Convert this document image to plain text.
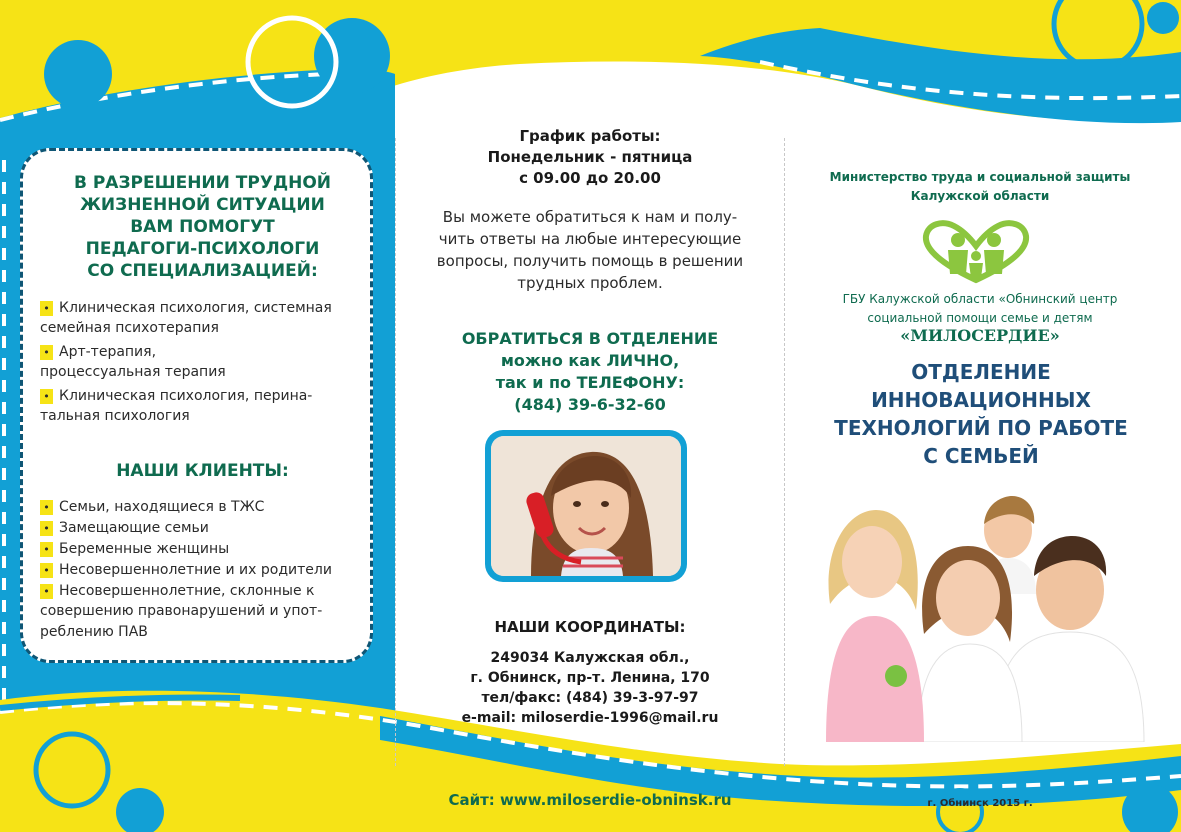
В РАЗРЕШЕНИИ ТРУДНОЙ
ЖИЗНЕННОЙ СИТУАЦИИ
ВАМ ПОМОГУТ
ПЕДАГОГИ-ПСИХОЛОГИ
СО СПЕЦИАЛИЗАЦИЕЙ:
• Клиническая психология, системная
семейная психотерапия
• Арт-терапия,
процессуальная терапия
• Клиническая психология, перина-
тальная психология
НАШИ КЛИЕНТЫ:
• Семьи, находящиеся в ТЖС
• Замещающие семьи
• Беременные женщины
• Несовершеннолетние и их родители
• Несовершеннолетние, склонные к
совершению правонарушений и упот-
реблению ПАВ
График работы:
Понедельник - пятница
с 09.00 до 20.00
Вы можете обратиться к нам и полу-
чить ответы на любые интересующие
вопросы, получить помощь в решении
трудных проблем.
ОБРАТИТЬСЯ В ОТДЕЛЕНИЕ
можно как ЛИЧНО,
так и по ТЕЛЕФОНУ:
(484) 39-6-32-60
НАШИ КООРДИНАТЫ:
249034 Калужская обл.,
г. Обнинск, пр-т. Ленина, 170
тел/факс: (484) 39-3-97-97
e-mail: miloserdie-1996@mail.ru
Сайт: www.miloserdie-obninsk.ru
Министерство труда и социальной защиты
Калужской области
ГБУ Калужской области «Обнинский центр
социальной помощи семье и детям
«МИЛОСЕРДИЕ»
ОТДЕЛЕНИЕ
ИННОВАЦИОННЫХ
ТЕХНОЛОГИЙ ПО РАБОТЕ
С СЕМЬЕЙ
г. Обнинск 2015 г.
